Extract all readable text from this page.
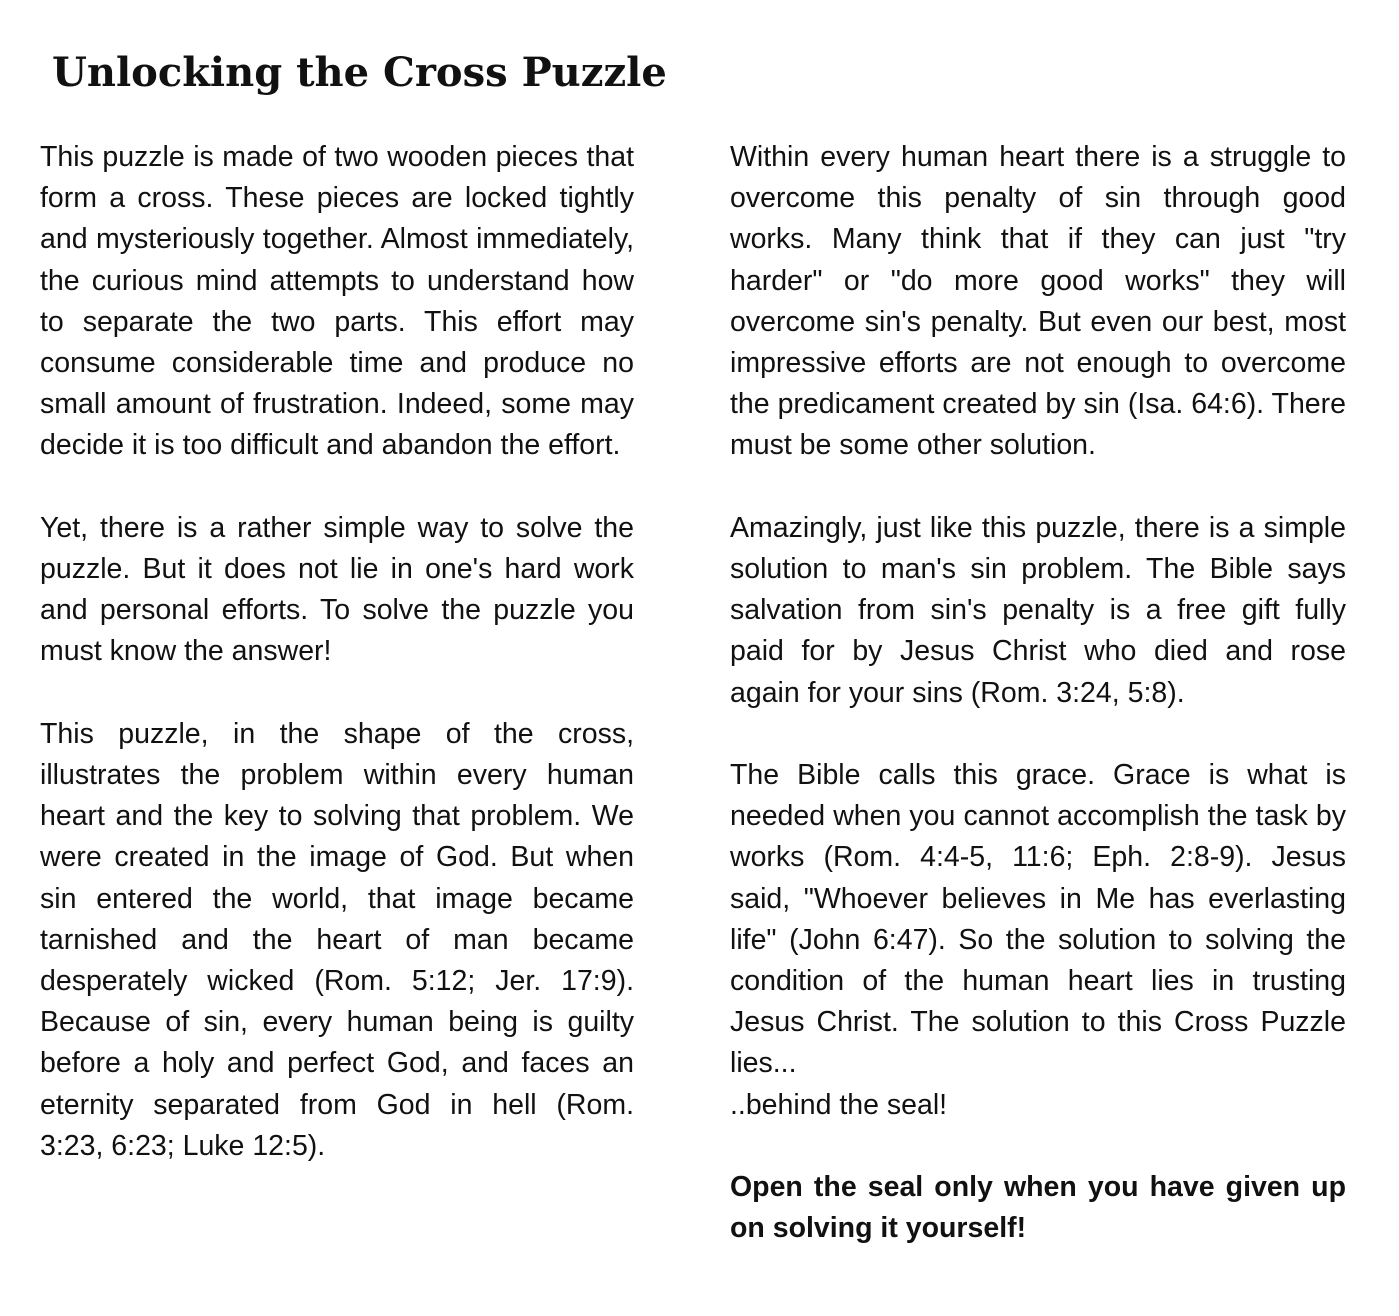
Unlocking the Cross Puzzle

This puzzle is made of two wooden pieces that form a cross. These pieces are locked tightly and mysteriously together. Almost immediately, the curious mind attempts to understand how to separate the two parts. This effort may consume considerable time and produce no small amount of frustration. Indeed, some may decide it is too difficult and abandon the effort.

Yet, there is a rather simple way to solve the puzzle. But it does not lie in one's hard work and personal efforts. To solve the puzzle you must know the answer!

This puzzle, in the shape of the cross, illustrates the problem within every human heart and the key to solving that problem. We were created in the image of God. But when sin entered the world, that image became tarnished and the heart of man became desperately wicked (Rom. 5:12; Jer. 17:9). Because of sin, every human being is guilty before a holy and perfect God, and faces an eternity separated from God in hell (Rom. 3:23, 6:23; Luke 12:5).

Within every human heart there is a struggle to overcome this penalty of sin through good works. Many think that if they can just "try harder" or "do more good works" they will overcome sin's penalty. But even our best, most impressive efforts are not enough to overcome the predicament created by sin (Isa. 64:6). There must be some other solution.

Amazingly, just like this puzzle, there is a simple solution to man's sin problem. The Bible says salvation from sin's penalty is a free gift fully paid for by Jesus Christ who died and rose again for your sins (Rom. 3:24, 5:8).

The Bible calls this grace. Grace is what is needed when you cannot accomplish the task by works (Rom. 4:4-5, 11:6; Eph. 2:8-9). Jesus said, "Whoever believes in Me has everlasting life" (John 6:47). So the solution to solving the condition of the human heart lies in trusting Jesus Christ. The solution to this Cross Puzzle lies...

..behind the seal!

Open the seal only when you have given up on solving it yourself!
